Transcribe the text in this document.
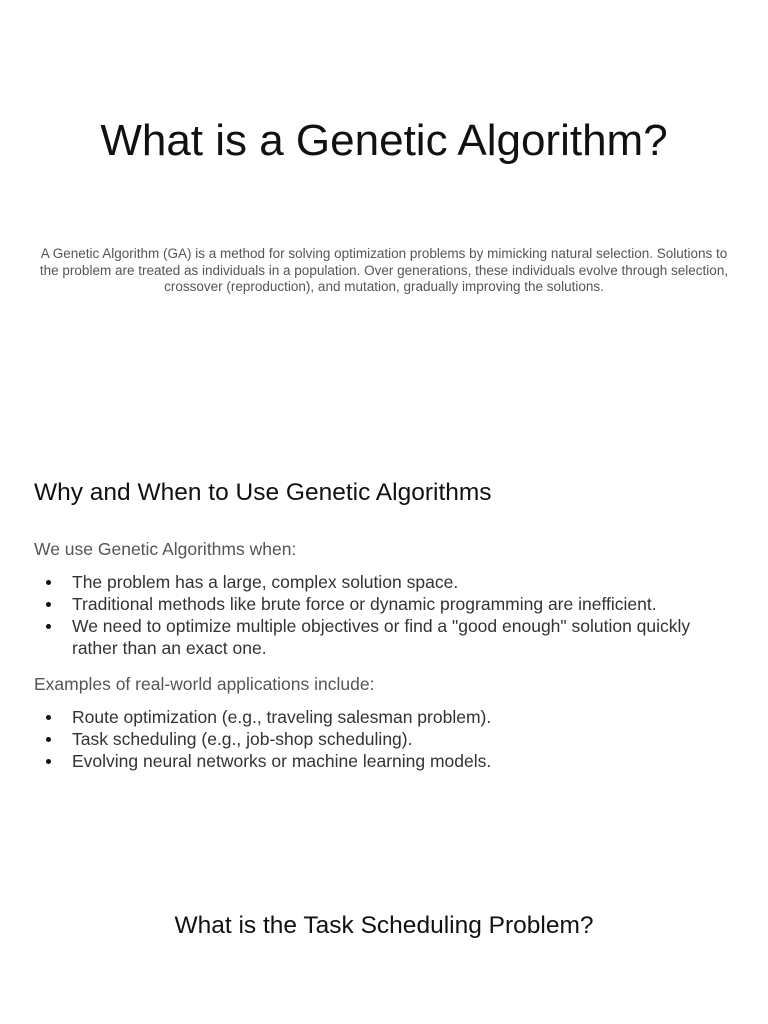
What is a Genetic Algorithm?

A Genetic Algorithm (GA) is a method for solving optimization problems by mimicking natural selection. Solutions to the problem are treated as individuals in a population. Over generations, these individuals evolve through selection, crossover (reproduction), and mutation, gradually improving the solutions.

Why and When to Use Genetic Algorithms

We use Genetic Algorithms when:

The problem has a large, complex solution space.
Traditional methods like brute force or dynamic programming are inefficient.
We need to optimize multiple objectives or find a "good enough" solution quickly rather than an exact one.

Examples of real-world applications include:

Route optimization (e.g., traveling salesman problem).
Task scheduling (e.g., job-shop scheduling).
Evolving neural networks or machine learning models.
What is the Task Scheduling Problem?
